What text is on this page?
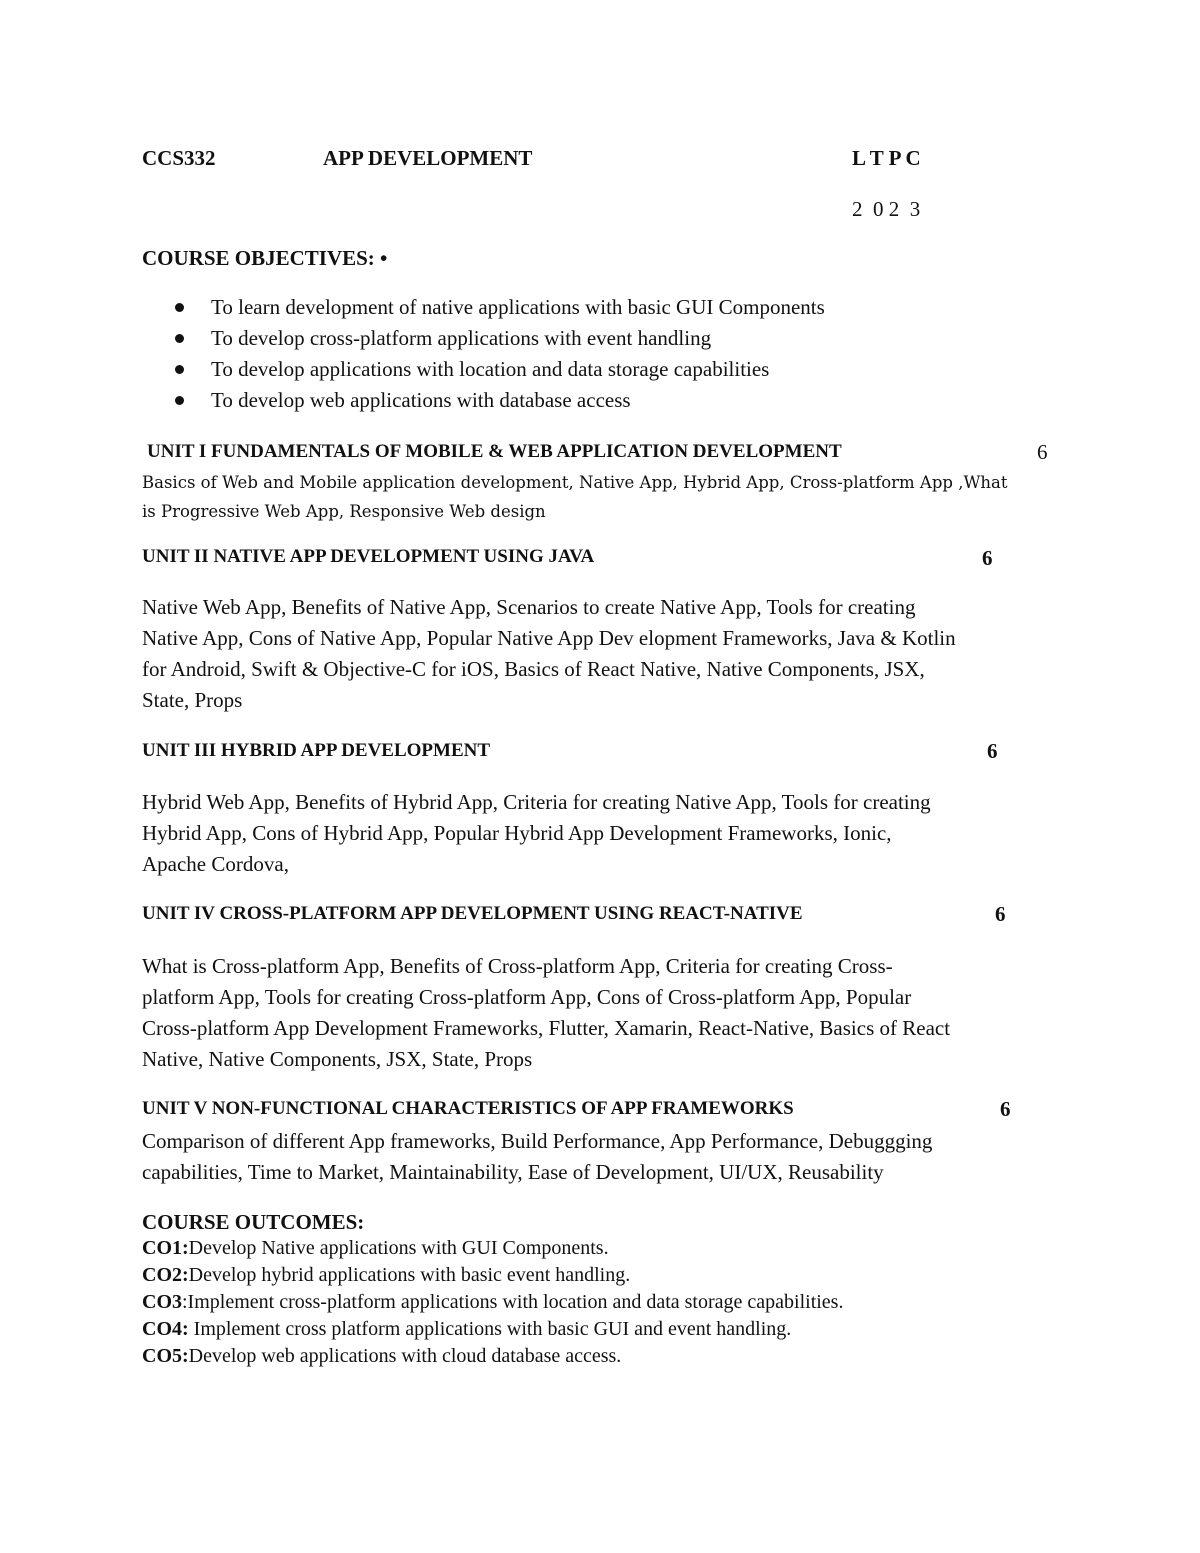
CCS332	APP DEVELOPMENT	L T P C
2  0 2  3
COURSE OBJECTIVES: •
To learn development of native applications with basic GUI Components
To develop cross-platform applications with event handling
To develop applications with location and data storage capabilities
To develop web applications with database access
UNIT I FUNDAMENTALS OF MOBILE & WEB APPLICATION DEVELOPMENT	6
Basics of Web and Mobile application development, Native App, Hybrid App, Cross-platform App ,What
is Progressive Web App, Responsive Web design
UNIT II NATIVE APP DEVELOPMENT USING JAVA	6
Native Web App, Benefits of Native App, Scenarios to create Native App, Tools for creating
Native App, Cons of Native App, Popular Native App Dev elopment Frameworks, Java & Kotlin
for Android, Swift & Objective-C for iOS, Basics of React Native, Native Components, JSX,
State, Props
UNIT III HYBRID APP DEVELOPMENT	6
Hybrid Web App, Benefits of Hybrid App, Criteria for creating Native App, Tools for creating
Hybrid App, Cons of Hybrid App, Popular Hybrid App Development Frameworks, Ionic,
Apache Cordova,
UNIT IV CROSS-PLATFORM APP DEVELOPMENT USING REACT-NATIVE	6
What is Cross-platform App, Benefits of Cross-platform App, Criteria for creating Cross-
platform App, Tools for creating Cross-platform App, Cons of Cross-platform App, Popular
Cross-platform App Development Frameworks, Flutter, Xamarin, React-Native, Basics of React
Native, Native Components, JSX, State, Props
UNIT V NON-FUNCTIONAL CHARACTERISTICS OF APP FRAMEWORKS	6
Comparison of different App frameworks, Build Performance, App Performance, Debuggging
capabilities, Time to Market, Maintainability, Ease of Development, UI/UX, Reusability
COURSE OUTCOMES:
CO1:Develop Native applications with GUI Components.
CO2:Develop hybrid applications with basic event handling.
CO3:Implement cross-platform applications with location and data storage capabilities.
CO4: Implement cross platform applications with basic GUI and event handling.
CO5:Develop web applications with cloud database access.
